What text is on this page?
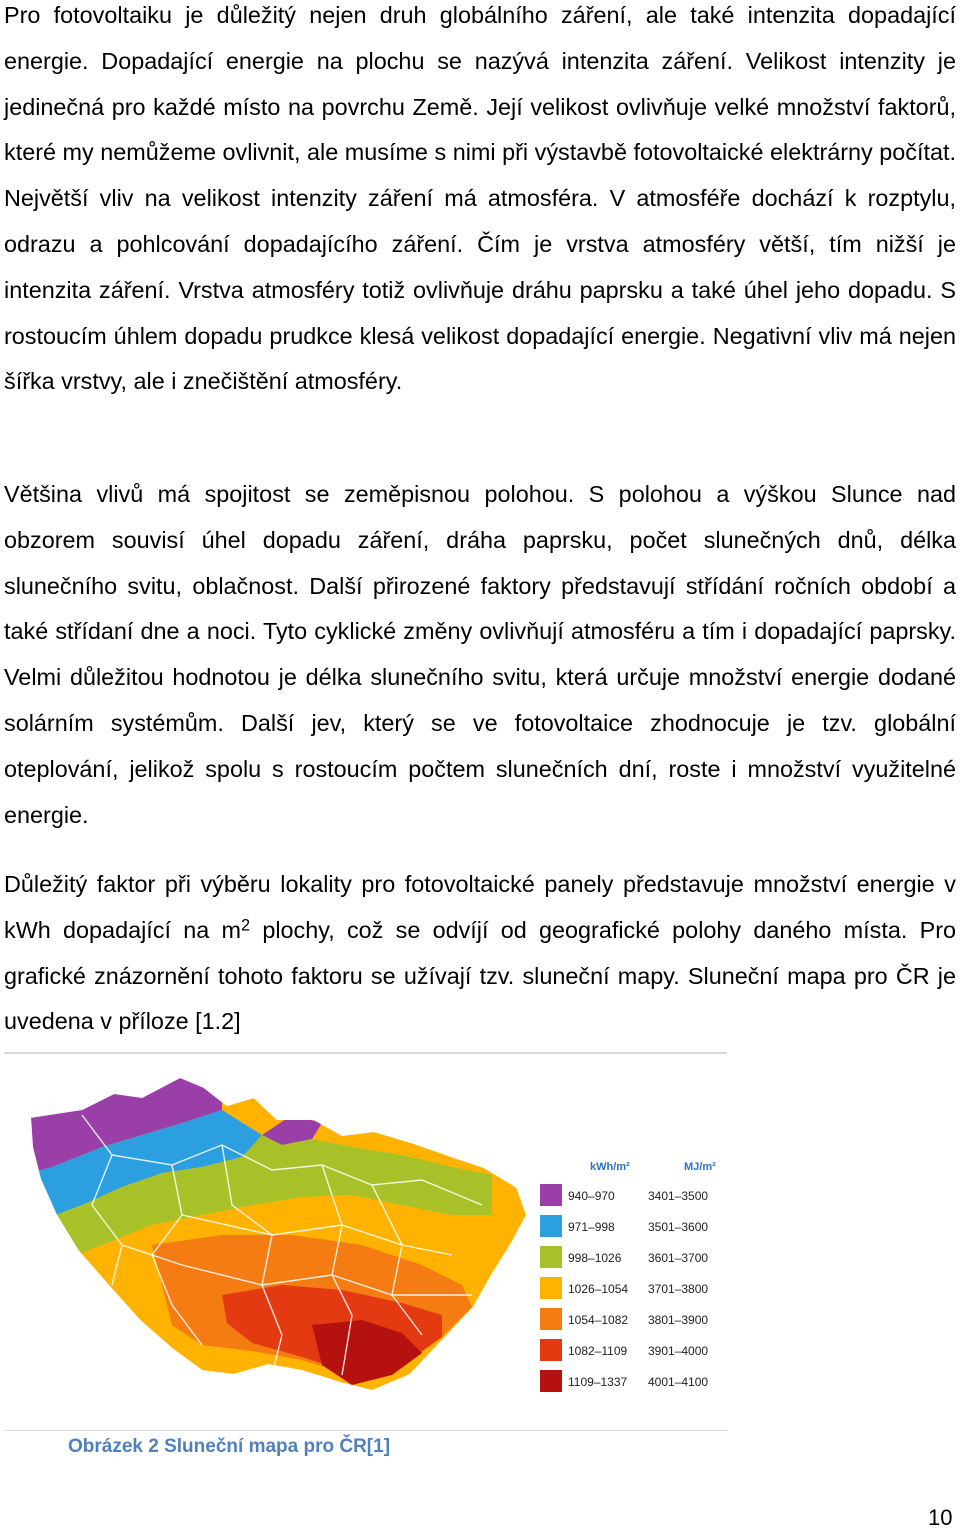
Pro fotovoltaiku je důležitý nejen druh globálního záření, ale také intenzita dopadající energie. Dopadající energie na plochu se nazývá intenzita záření. Velikost intenzity je jedinečná pro každé místo na povrchu Země. Její velikost ovlivňuje velké množství faktorů, které my nemůžeme ovlivnit, ale musíme s nimi při výstavbě fotovoltaické elektrárny počítat. Největší vliv na velikost intenzity záření má atmosféra. V atmosféře dochází k rozptylu, odrazu a pohlcování dopadajícího záření. Čím je vrstva atmosféry větší, tím nižší je intenzita záření. Vrstva atmosféry totiž ovlivňuje dráhu paprsku a také úhel jeho dopadu. S rostoucím úhlem dopadu prudkce klesá velikost dopadající energie. Negativní vliv má nejen šířka vrstvy, ale i znečištění atmosféry.

Většina vlivů má spojitost se zeměpisnou polohou. S polohou a výškou Slunce nad obzorem souvisí úhel dopadu záření, dráha paprsku, počet slunečných dnů, délka slunečního svitu, oblačnost. Další přirozené faktory představují střídání ročních období a také střídaní dne a noci. Tyto cyklické změny ovlivňují atmosféru a tím i dopadající paprsky. Velmi důležitou hodnotou je délka slunečního svitu, která určuje množství energie dodané solárním systémům. Další jev, který se ve fotovoltaice zhodnocuje je tzv. globální oteplování, jelikož spolu s rostoucím počtem slunečních dní, roste i množství využitelné energie.

Důležitý faktor při výběru lokality pro fotovoltaické panely představuje množství energie v kWh dopadající na $m^2$ plochy, což se odvíjí od geografické polohy daného místa. Pro grafické znázornění tohoto faktoru se užívají tzv. sluneční mapy. Sluneční mapa pro ČR je uvedena v příloze [1.2]

kWh/m²	MJ/m²
940–970	3401–3500
971–998	3501–3600
998–1026 3601–3700
1026–1054 3701–3800
1054–1082 3801–3900
1082–1109 3901–4000
1109–1337 4001–4100
Obrázek 2 Sluneční mapa pro ČR[1]
10
